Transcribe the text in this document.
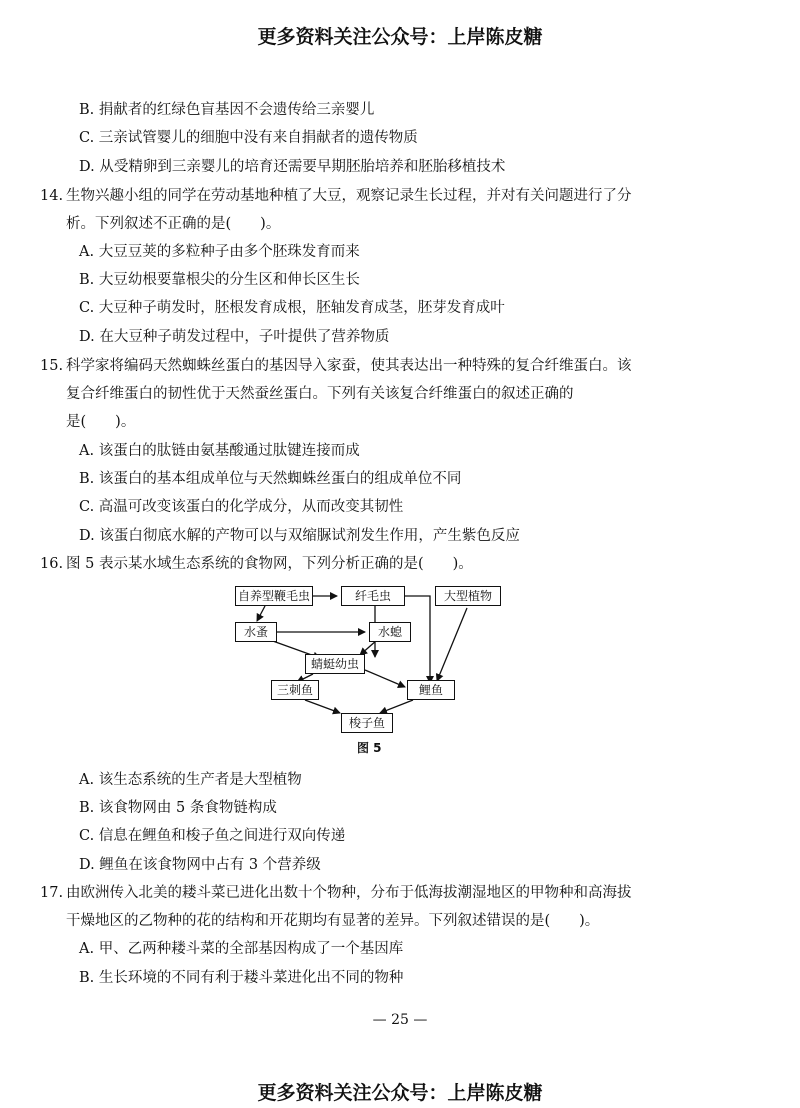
更多资料关注公众号：上岸陈皮糖
B. 捐献者的红绿色盲基因不会遗传给三亲婴儿
C. 三亲试管婴儿的细胞中没有来自捐献者的遗传物质
D. 从受精卵到三亲婴儿的培育还需要早期胚胎培养和胚胎移植技术
14. 生物兴趣小组的同学在劳动基地种植了大豆，观察记录生长过程，并对有关问题进行了分
析。下列叙述不正确的是(　　)。
A. 大豆豆荚的多粒种子由多个胚珠发育而来
B. 大豆幼根要靠根尖的分生区和伸长区生长
C. 大豆种子萌发时，胚根发育成根，胚轴发育成茎，胚芽发育成叶
D. 在大豆种子萌发过程中，子叶提供了营养物质
15. 科学家将编码天然蜘蛛丝蛋白的基因导入家蚕，使其表达出一种特殊的复合纤维蛋白。该
复合纤维蛋白的韧性优于天然蚕丝蛋白。下列有关该复合纤维蛋白的叙述正确的
是(　　)。
A. 该蛋白的肽链由氨基酸通过肽键连接而成
B. 该蛋白的基本组成单位与天然蜘蛛丝蛋白的组成单位不同
C. 高温可改变该蛋白的化学成分，从而改变其韧性
D. 该蛋白彻底水解的产物可以与双缩脲试剂发生作用，产生紫色反应
16. 图 5 表示某水域生态系统的食物网，下列分析正确的是(　　)。
自养型鞭毛虫	纤毛虫	大型植物
水蚤	水螅
蜻蜓幼虫
三刺鱼	鲤鱼
梭子鱼
图 5
A. 该生态系统的生产者是大型植物
B. 该食物网由 5 条食物链构成
C. 信息在鲤鱼和梭子鱼之间进行双向传递
D. 鲤鱼在该食物网中占有 3 个营养级
17. 由欧洲传入北美的耧斗菜已进化出数十个物种，分布于低海拔潮湿地区的甲物种和高海拔
干燥地区的乙物种的花的结构和开花期均有显著的差异。下列叙述错误的是(　　)。
A. 甲、乙两种耧斗菜的全部基因构成了一个基因库
B. 生长环境的不同有利于耧斗菜进化出不同的物种
— 25 —
更多资料关注公众号：上岸陈皮糖
